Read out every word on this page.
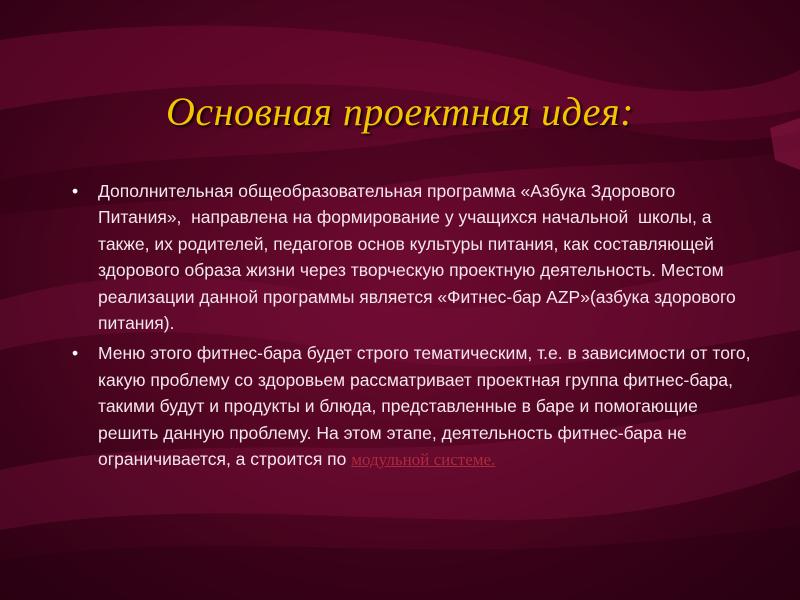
Основная проектная идея:
• Дополнительная общеобразовательная программа «Азбука Здорового Питания»,  направлена на формирование у учащихся начальной  школы, а также, их родителей, педагогов основ культуры питания, как составляющей здорового образа жизни через творческую проектную деятельность. Местом реализации данной программы является «Фитнес-бар AZP»(азбука здорового питания).
• Меню этого фитнес-бара будет строго тематическим, т.е. в зависимости от того, какую проблему со здоровьем рассматривает проектная группа фитнес-бара, такими будут и продукты и блюда, представленные в баре и помогающие решить данную проблему. На этом этапе, деятельность фитнес-бара не ограничивается, а строится по модульной системе.
